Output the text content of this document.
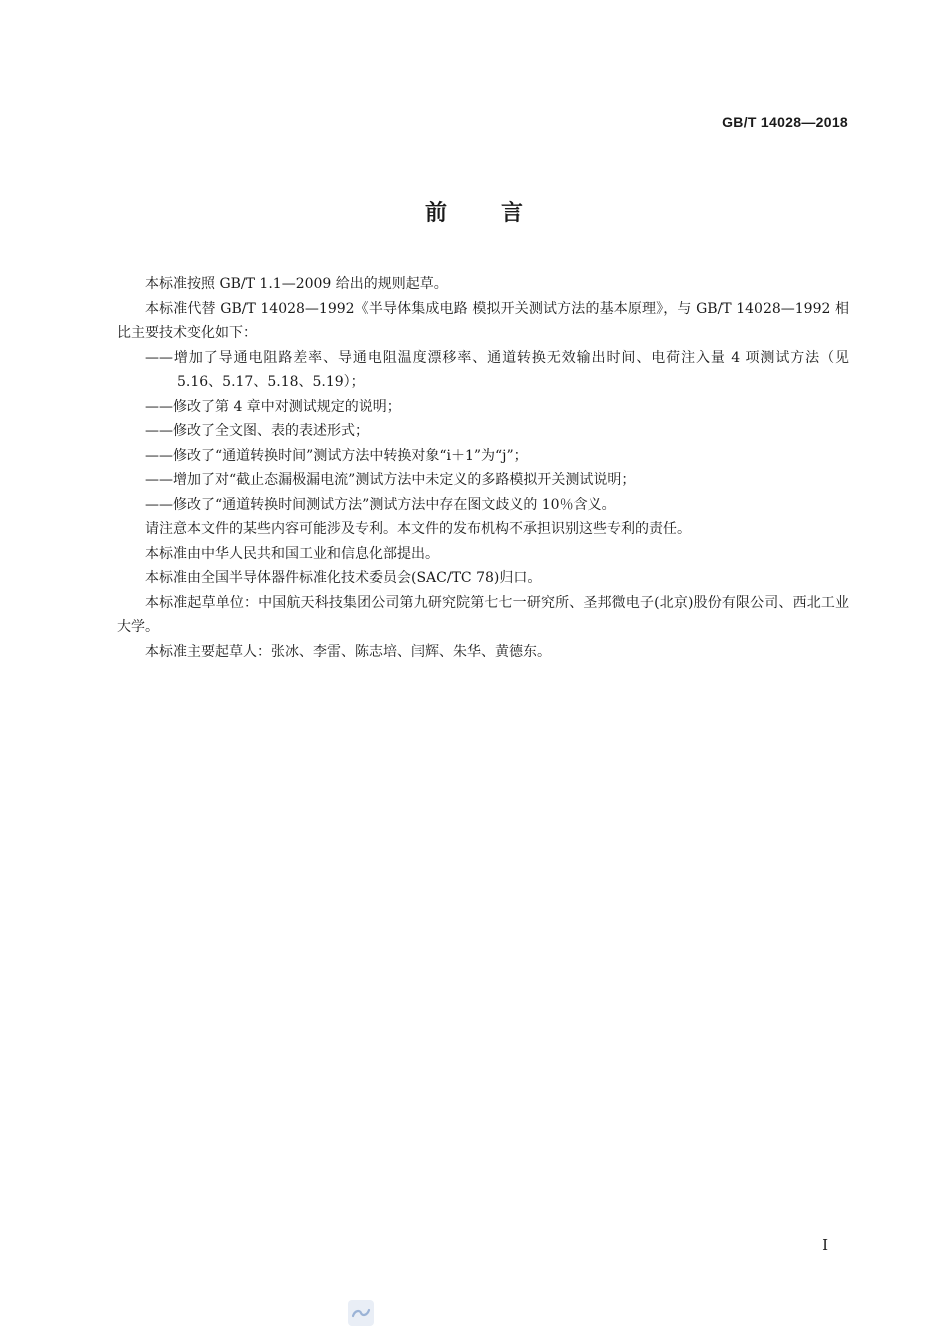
GB/T 14028—2018
前 言

本标准按照 GB/T 1.1—2009 给出的规则起草。

本标准代替 GB/T 14028—1992《半导体集成电路 模拟开关测试方法的基本原理》，与 GB/T 14028—1992 相比主要技术变化如下：

——增加了导通电阻路差率、导通电阻温度漂移率、通道转换无效输出时间、电荷注入量 4 项测试方法（见 5.16、5.17、5.18、5.19）；

——修改了第 4 章中对测试规定的说明；

——修改了全文图、表的表述形式；

——修改了“通道转换时间”测试方法中转换对象“i＋1”为“j”；

——增加了对“截止态漏极漏电流”测试方法中未定义的多路模拟开关测试说明；

——修改了“通道转换时间测试方法”测试方法中存在图文歧义的 10％含义。

请注意本文件的某些内容可能涉及专利。本文件的发布机构不承担识别这些专利的责任。

本标准由中华人民共和国工业和信息化部提出。

本标准由全国半导体器件标准化技术委员会(SAC/TC 78)归口。

本标准起草单位：中国航天科技集团公司第九研究院第七七一研究所、圣邦微电子(北京)股份有限公司、西北工业大学。

本标准主要起草人：张冰、李雷、陈志培、闫辉、朱华、黄德东。

I
